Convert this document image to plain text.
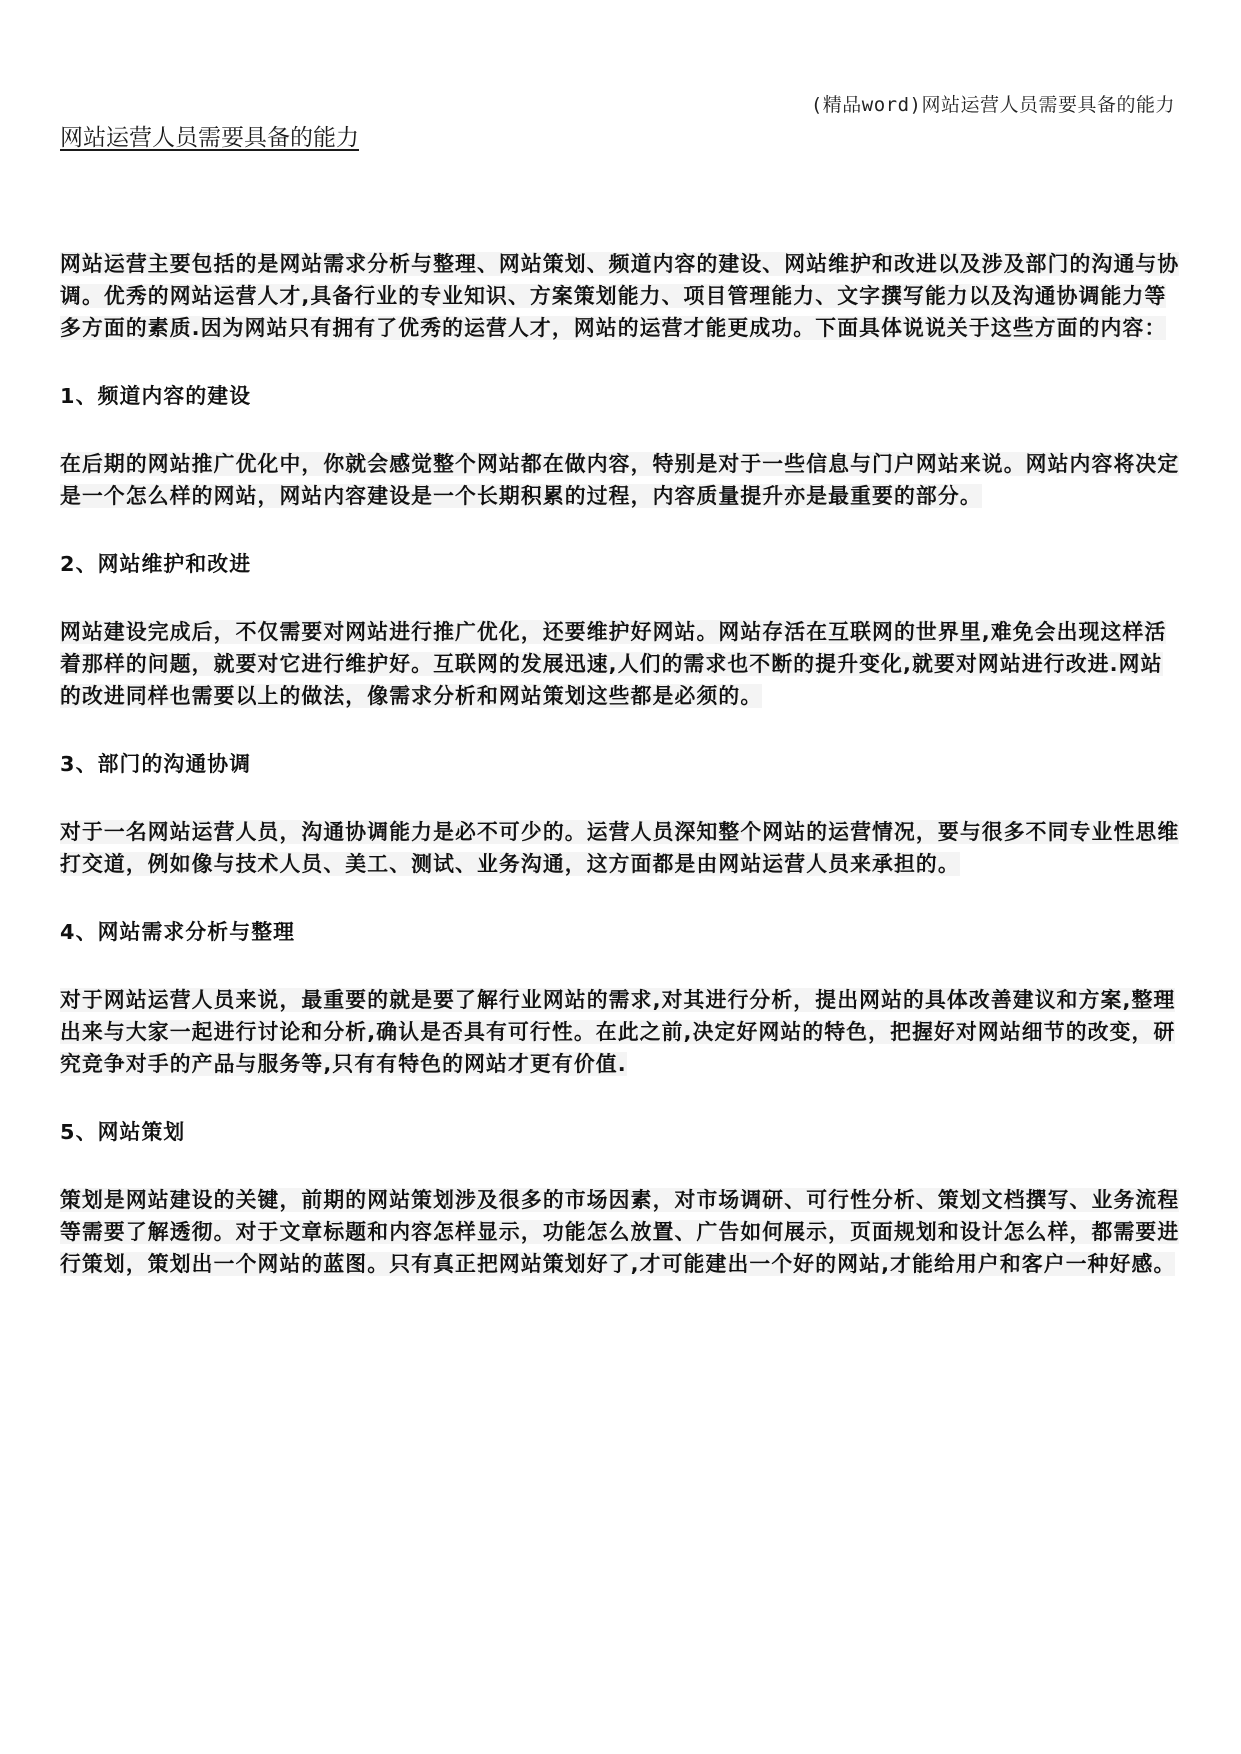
(精品word)网站运营人员需要具备的能力
网站运营人员需要具备的能力

网站运营主要包括的是网站需求分析与整理、网站策划、频道内容的建设、网站维护和改进以及涉及部门的沟通与协调。优秀的网站运营人才,具备行业的专业知识、方案策划能力、项目管理能力、文字撰写能力以及沟通协调能力等多方面的素质.因为网站只有拥有了优秀的运营人才，网站的运营才能更成功。下面具体说说关于这些方面的内容：

1、频道内容的建设

在后期的网站推广优化中，你就会感觉整个网站都在做内容，特别是对于一些信息与门户网站来说。网站内容将决定是一个怎么样的网站，网站内容建设是一个长期积累的过程，内容质量提升亦是最重要的部分。

2、网站维护和改进

网站建设完成后，不仅需要对网站进行推广优化，还要维护好网站。网站存活在互联网的世界里,难免会出现这样活着那样的问题，就要对它进行维护好。互联网的发展迅速,人们的需求也不断的提升变化,就要对网站进行改进.网站的改进同样也需要以上的做法，像需求分析和网站策划这些都是必须的。

3、部门的沟通协调

对于一名网站运营人员，沟通协调能力是必不可少的。运营人员深知整个网站的运营情况，要与很多不同专业性思维打交道，例如像与技术人员、美工、测试、业务沟通，这方面都是由网站运营人员来承担的。

4、网站需求分析与整理

对于网站运营人员来说，最重要的就是要了解行业网站的需求,对其进行分析，提出网站的具体改善建议和方案,整理出来与大家一起进行讨论和分析,确认是否具有可行性。在此之前,决定好网站的特色，把握好对网站细节的改变，研究竞争对手的产品与服务等,只有有特色的网站才更有价值.

5、网站策划

策划是网站建设的关键，前期的网站策划涉及很多的市场因素，对市场调研、可行性分析、策划文档撰写、业务流程等需要了解透彻。对于文章标题和内容怎样显示，功能怎么放置、广告如何展示，页面规划和设计怎么样，都需要进行策划，策划出一个网站的蓝图。只有真正把网站策划好了,才可能建出一个好的网站,才能给用户和客户一种好感。
